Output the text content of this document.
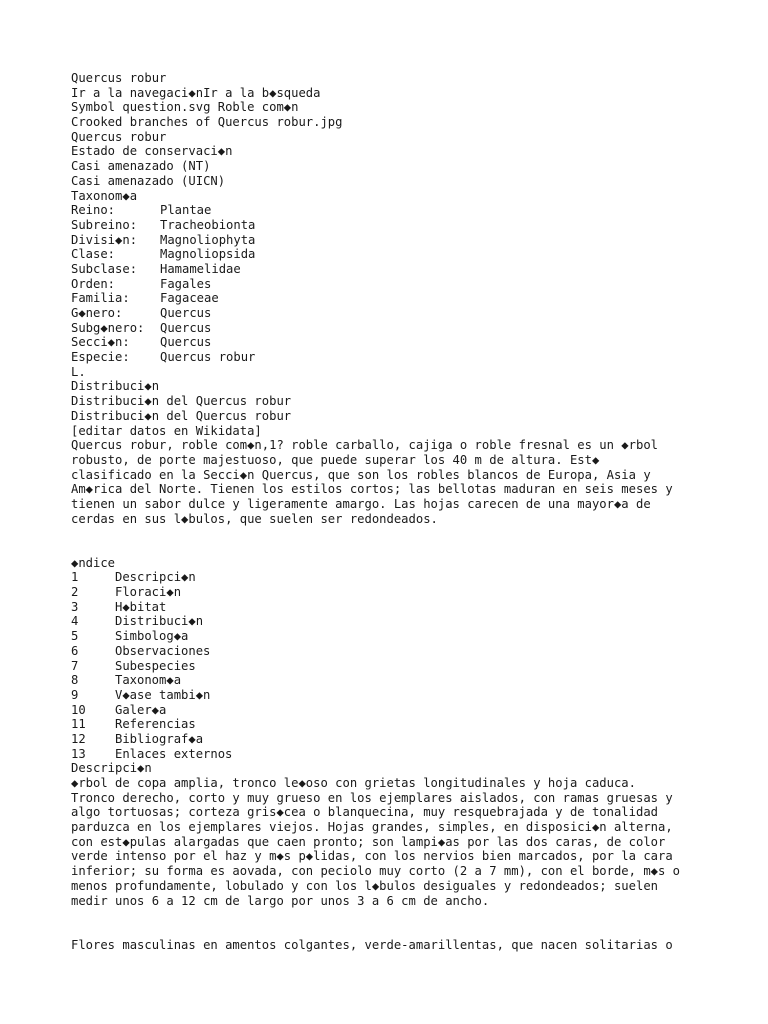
Quercus robur
Ir a la navegaci◆nIr a la b◆squeda
Symbol question.svg Roble com◆n
Crooked branches of Quercus robur.jpg
Quercus robur
Estado de conservaci◆n
Casi amenazado (NT)
Casi amenazado (UICN)
Taxonom◆a
Reino:	Plantae
Subreino:	Tracheobionta
Divisi◆n:	Magnoliophyta
Clase:	Magnoliopsida
Subclase:	Hamamelidae
Orden:	Fagales
Familia:	Fagaceae
G◆nero:	Quercus
Subg◆nero:	Quercus
Secci◆n:	Quercus
Especie:	Quercus robur
L.
Distribuci◆n
Distribuci◆n del Quercus robur
Distribuci◆n del Quercus robur
[editar datos en Wikidata]
Quercus robur, roble com◆n,1? roble carballo, cajiga o roble fresnal es un ◆rbol
robusto, de porte majestuoso, que puede superar los 40 m de altura. Est◆
clasificado en la Secci◆n Quercus, que son los robles blancos de Europa, Asia y
Am◆rica del Norte. Tienen los estilos cortos; las bellotas maduran en seis meses y
tienen un sabor dulce y ligeramente amargo. Las hojas carecen de una mayor◆a de
cerdas en sus l◆bulos, que suelen ser redondeados.
◆ndice
1	Descripci◆n
2	Floraci◆n
3	H◆bitat
4	Distribuci◆n
5	Simbolog◆a
6	Observaciones
7	Subespecies
8	Taxonom◆a
9	V◆ase tambi◆n
10	Galer◆a
11	Referencias
12	Bibliograf◆a
13	Enlaces externos
Descripci◆n
◆rbol de copa amplia, tronco le◆oso con grietas longitudinales y hoja caduca.
Tronco derecho, corto y muy grueso en los ejemplares aislados, con ramas gruesas y
algo tortuosas; corteza gris◆cea o blanquecina, muy resquebrajada y de tonalidad
parduzca en los ejemplares viejos. Hojas grandes, simples, en disposici◆n alterna,
con est◆pulas alargadas que caen pronto; son lampi◆as por las dos caras, de color
verde intenso por el haz y m◆s p◆lidas, con los nervios bien marcados, por la cara
inferior; su forma es aovada, con peciolo muy corto (2 a 7 mm), con el borde, m◆s o
menos profundamente, lobulado y con los l◆bulos desiguales y redondeados; suelen
medir unos 6 a 12 cm de largo por unos 3 a 6 cm de ancho.
Flores masculinas en amentos colgantes, verde-amarillentas, que nacen solitarias o
